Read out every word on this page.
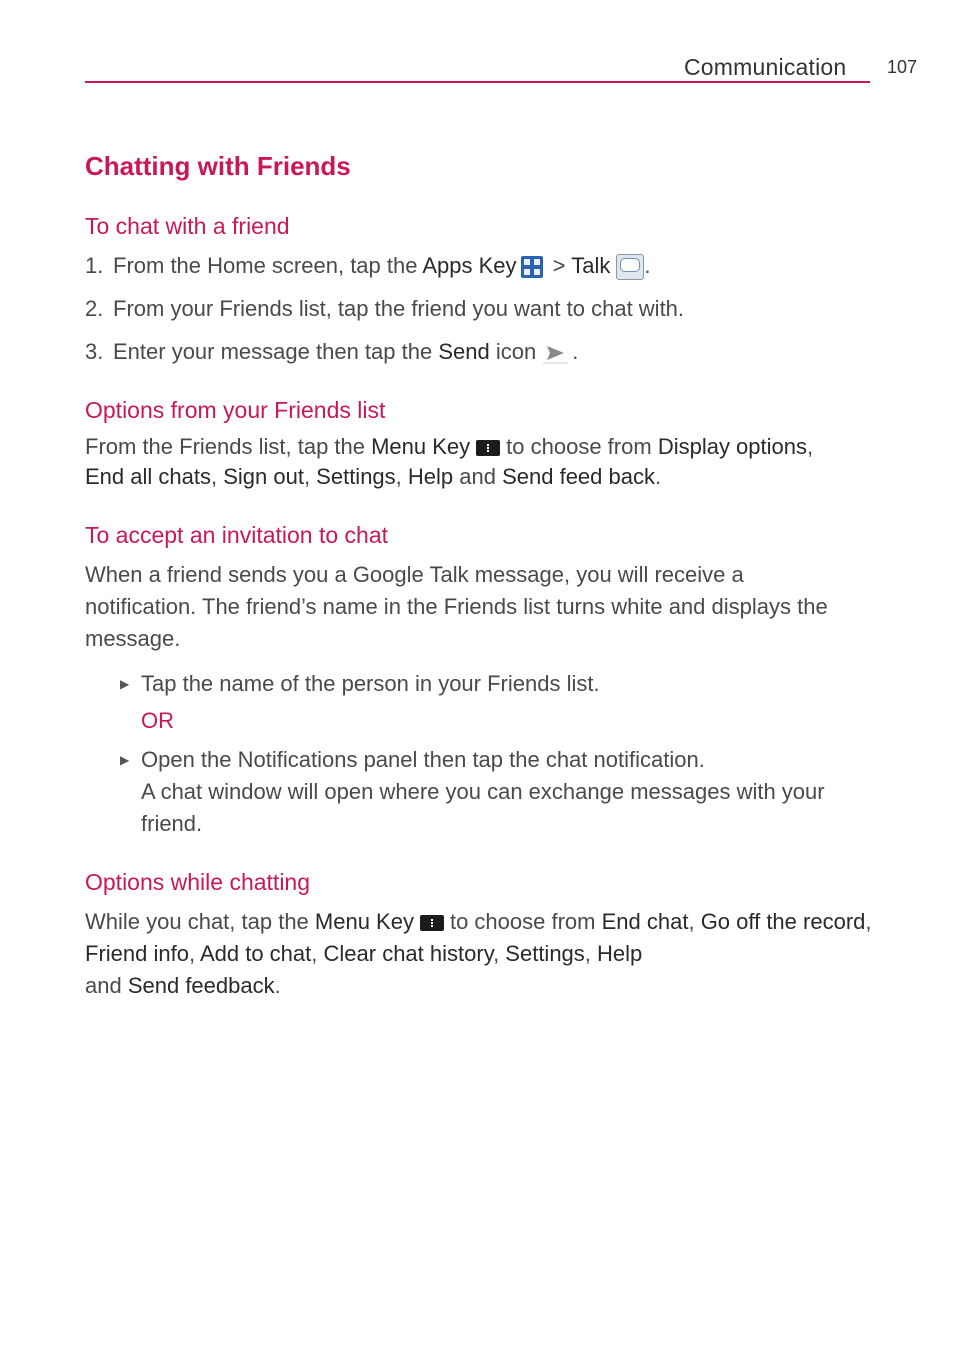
Communication 107
Chatting with Friends
To chat with a friend
1. From the Home screen, tap the Apps Key
> Talk .
2. From your Friends list, tap the friend you want to chat with.
3. Enter your message then tap the Send icon .
Options from your Friends list

From the Friends list, tap the Menu Key to choose from Display options,
End all chats, Sign out, Settings, Help and Send feed back.

To accept an invitation to chat

When a friend sends you a Google Talk message, you will receive a notification. The friend’s name in the Friends list turns white and displays the message.

▶ Tap the name of the person in your Friends list.
OR
▶ Open the Notifications panel then tap the chat notification.
A chat window will open where you can exchange messages with your friend.
Options while chatting

While you chat, tap the Menu Key to choose from End chat, Go off the record, Friend info, Add to chat, Clear chat history, Settings, Help
and Send feedback.
